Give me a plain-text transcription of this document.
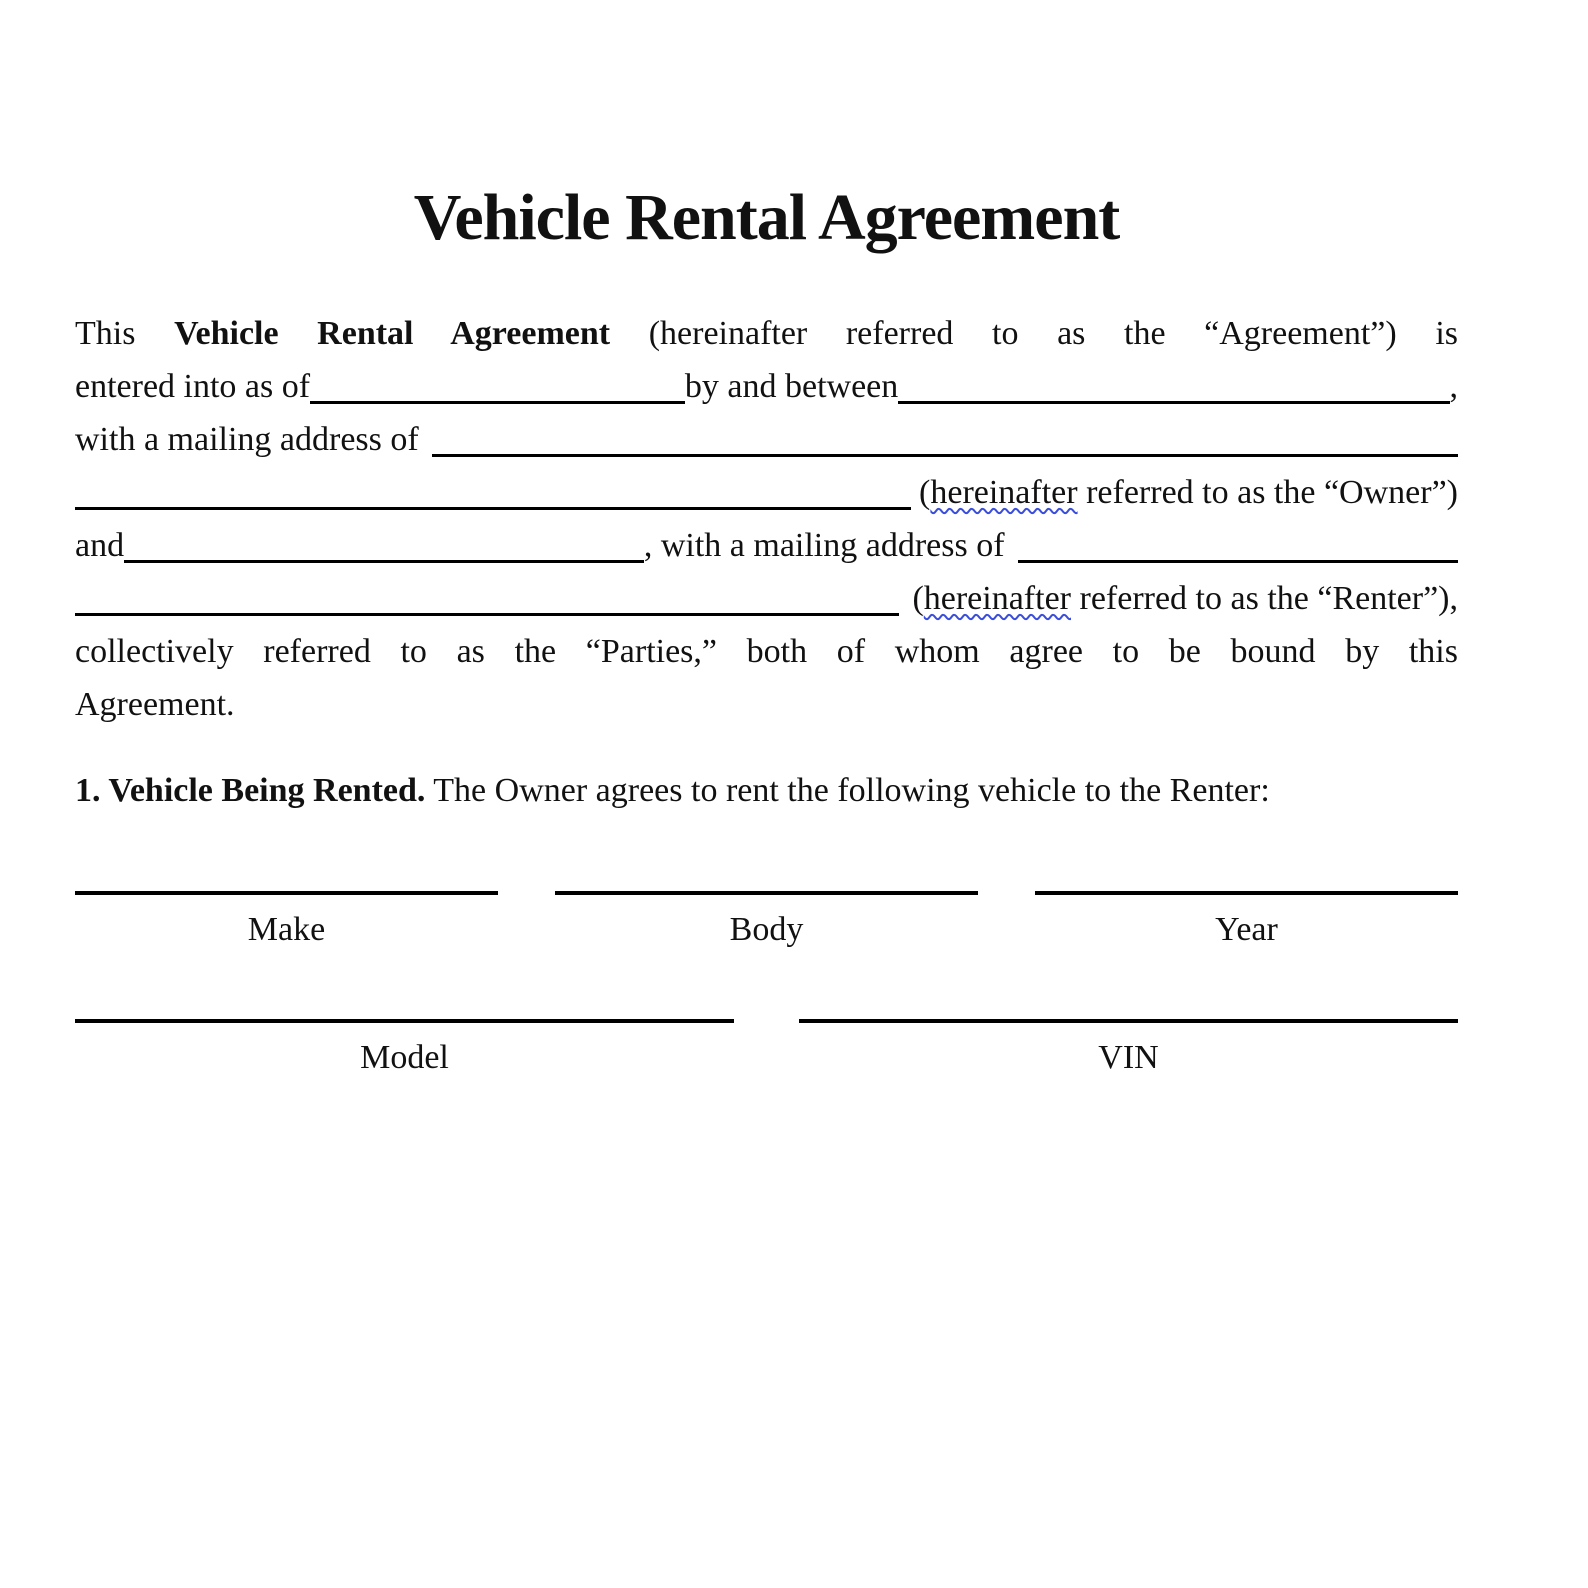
Vehicle Rental Agreement
This Vehicle Rental Agreement (hereinafter referred to as the “Agreement”) is
entered into as of	by and between	,
with a mailing address of
( hereinafter referred to as the “Owner”)
and	, with a mailing address of
( hereinafter referred to as the “Renter”),
collectively referred to as the “Parties,” both of whom agree to be bound by this
Agreement.
1. Vehicle Being Rented. The Owner agrees to rent the following vehicle to the Renter:
Make	Body	Year
Model	VIN
